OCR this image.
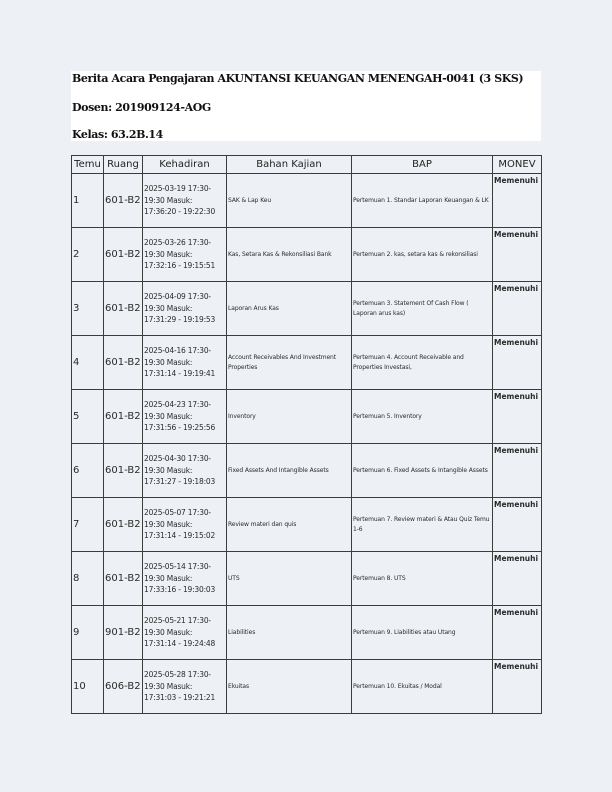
Berita Acara Pengajaran AKUNTANSI KEUANGAN MENENGAH-0041 (3 SKS)
Dosen: 201909124-AOG
Kelas: 63.2B.14
Temu	Ruang	Kehadiran	Bahan Kajian	BAP	MONEV

1	601-B2	2025-03-19 17:30-19:30 Masuk: 17:36:20 - 19:22:30	SAK & Lap Keu	Pertemuan 1. Standar Laporan Keuangan & LK	Memenuhi

2	601-B2	2025-03-26 17:30-19:30 Masuk: 17:32:16 - 19:15:51	Kas, Setara Kas & Rekonsiliasi Bank	Pertemuan 2. kas, setara kas & rekonsiliasi	Memenuhi

3	601-B2	2025-04-09 17:30-19:30 Masuk: 17:31:29 - 19:19:53	Laporan Arus Kas	Pertemuan 3. Statement Of Cash Flow ( Laporan arus kas)	Memenuhi

4	601-B2	2025-04-16 17:30-19:30 Masuk: 17:31:14 - 19:19:41	Account Receivables And Investment Properties	Pertemuan 4. Account Receivable and Properties Investasi,	Memenuhi

5	601-B2	2025-04-23 17:30-19:30 Masuk: 17:31:56 - 19:25:56	Inventory	Pertemuan 5. Inventory	Memenuhi

6	601-B2	2025-04-30 17:30-19:30 Masuk: 17:31:27 - 19:18:03	Fixed Assets And Intangible Assets	Pertemuan 6. Fixed Assets & Intangible Assets	Memenuhi

7	601-B2	2025-05-07 17:30-19:30 Masuk: 17:31:14 - 19:15:02	Review materi dan quis	Pertemuan 7. Review materi & Atau Quiz Temu 1-6	Memenuhi

8	601-B2	2025-05-14 17:30-19:30 Masuk: 17:33:16 - 19:30:03	UTS	Pertemuan 8. UTS	Memenuhi

9	901-B2	2025-05-21 17:30-19:30 Masuk: 17:31:14 - 19:24:48	Liabilities	Pertemuan 9. Liabilities atau Utang	Memenuhi

10	606-B2	2025-05-28 17:30-19:30 Masuk: 17:31:03 - 19:21:21	Ekuitas	Pertemuan 10. Ekuitas / Modal	Memenuhi
